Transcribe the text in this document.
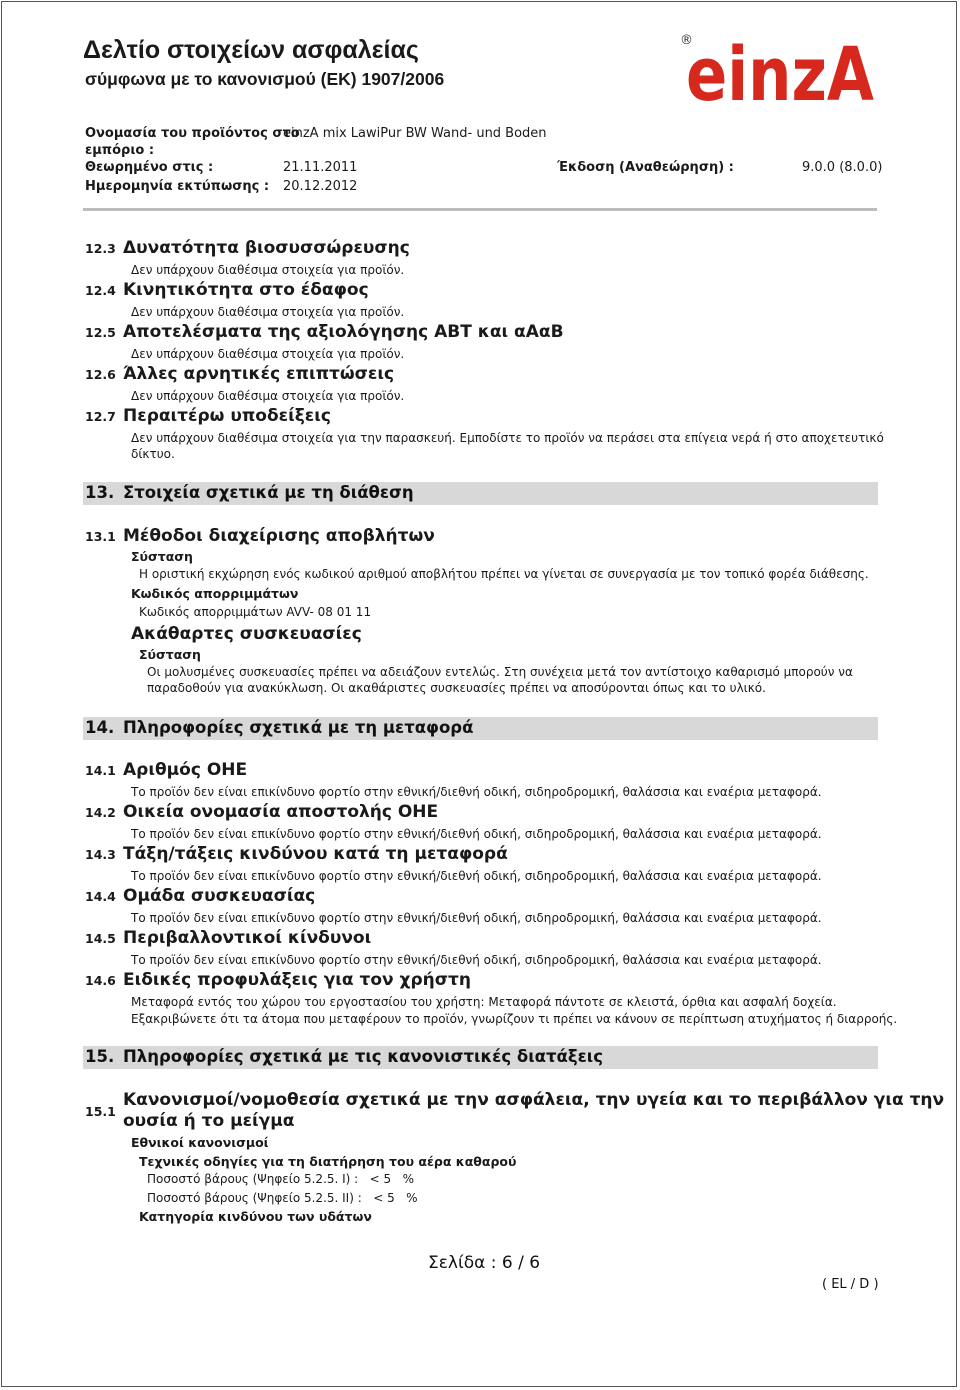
Δελτίο στοιχείων ασφαλείας
σύμφωνα με το κανονισμού (ΕΚ) 1907/2006
®
einzA
Ονομασία του προϊόντος στο
εμπόριο :
einzA mix LawiPur BW Wand- und Boden
Θεωρημένο στις :	21.11.2011	Έκδοση (Αναθεώρηση) :	9.0.0 (8.0.0)
Ημερομηνία εκτύπωσης : 20.12.2012
12.3 Δυνατότητα βιοσυσσώρευσης
Δεν υπάρχουν διαθέσιμα στοιχεία για προϊόν.
12.4 Κινητικότητα στο έδαφος
Δεν υπάρχουν διαθέσιμα στοιχεία για προϊόν.
12.5 Αποτελέσματα της αξιολόγησης ΑΒΤ και αΑαΒ
Δεν υπάρχουν διαθέσιμα στοιχεία για προϊόν.
12.6 Άλλες αρνητικές επιπτώσεις
Δεν υπάρχουν διαθέσιμα στοιχεία για προϊόν.
12.7 Περαιτέρω υποδείξεις
Δεν υπάρχουν διαθέσιμα στοιχεία για την παρασκευή. Εμποδίστε το προϊόν να περάσει στα επίγεια νερά ή στο αποχετευτικό
δίκτυο.
13. Στοιχεία σχετικά με τη διάθεση
13.1 Μέθοδοι διαχείρισης αποβλήτων
Σύσταση
Η οριστική εκχώρηση ενός κωδικού αριθμού αποβλήτου πρέπει να γίνεται σε συνεργασία με τον τοπικό φορέα διάθεσης.
Κωδικός απορριμμάτων
Κωδικός απορριμμάτων AVV- 08 01 11
Ακάθαρτες συσκευασίες
Σύσταση
Οι μολυσμένες συσκευασίες πρέπει να αδειάζουν εντελώς. Στη συνέχεια μετά τον αντίστοιχο καθαρισμό μπορούν να
παραδοθούν για ανακύκλωση. Οι ακαθάριστες συσκευασίες πρέπει να αποσύρονται όπως και το υλικό.
14. Πληροφορίες σχετικά με τη μεταφορά
14.1 Αριθμός ΟΗΕ
Το προϊόν δεν είναι επικίνδυνο φορτίο στην εθνική/διεθνή οδική, σιδηροδρομική, θαλάσσια και εναέρια μεταφορά.
14.2 Οικεία ονομασία αποστολής ΟΗΕ
Το προϊόν δεν είναι επικίνδυνο φορτίο στην εθνική/διεθνή οδική, σιδηροδρομική, θαλάσσια και εναέρια μεταφορά.
14.3 Τάξη/τάξεις κινδύνου κατά τη μεταφορά
Το προϊόν δεν είναι επικίνδυνο φορτίο στην εθνική/διεθνή οδική, σιδηροδρομική, θαλάσσια και εναέρια μεταφορά.
14.4 Ομάδα συσκευασίας
Το προϊόν δεν είναι επικίνδυνο φορτίο στην εθνική/διεθνή οδική, σιδηροδρομική, θαλάσσια και εναέρια μεταφορά.
14.5 Περιβαλλοντικοί κίνδυνοι
Το προϊόν δεν είναι επικίνδυνο φορτίο στην εθνική/διεθνή οδική, σιδηροδρομική, θαλάσσια και εναέρια μεταφορά.
14.6 Ειδικές προφυλάξεις για τον χρήστη
Μεταφορά εντός του χώρου του εργοστασίου του χρήστη: Μεταφορά πάντοτε σε κλειστά, όρθια και ασφαλή δοχεία.
Εξακριβώνετε ότι τα άτομα που μεταφέρουν το προϊόν, γνωρίζουν τι πρέπει να κάνουν σε περίπτωση ατυχήματος ή διαρροής.
15. Πληροφορίες σχετικά με τις κανονιστικές διατάξεις
15.1
Κανονισμοί/νομοθεσία σχετικά με την ασφάλεια, την υγεία και το περιβάλλον για την
ουσία ή το μείγμα
Εθνικοί κανονισμοί
Τεχνικές οδηγίες για τη διατήρηση του αέρα καθαρού
Ποσοστό βάρους (Ψηφείο 5.2.5. Ι) :   < 5   %
Ποσοστό βάρους (Ψηφείο 5.2.5. ΙΙ) :   < 5   %
Κατηγορία κινδύνου των υδάτων
Σελίδα : 6 / 6
( EL / D )
